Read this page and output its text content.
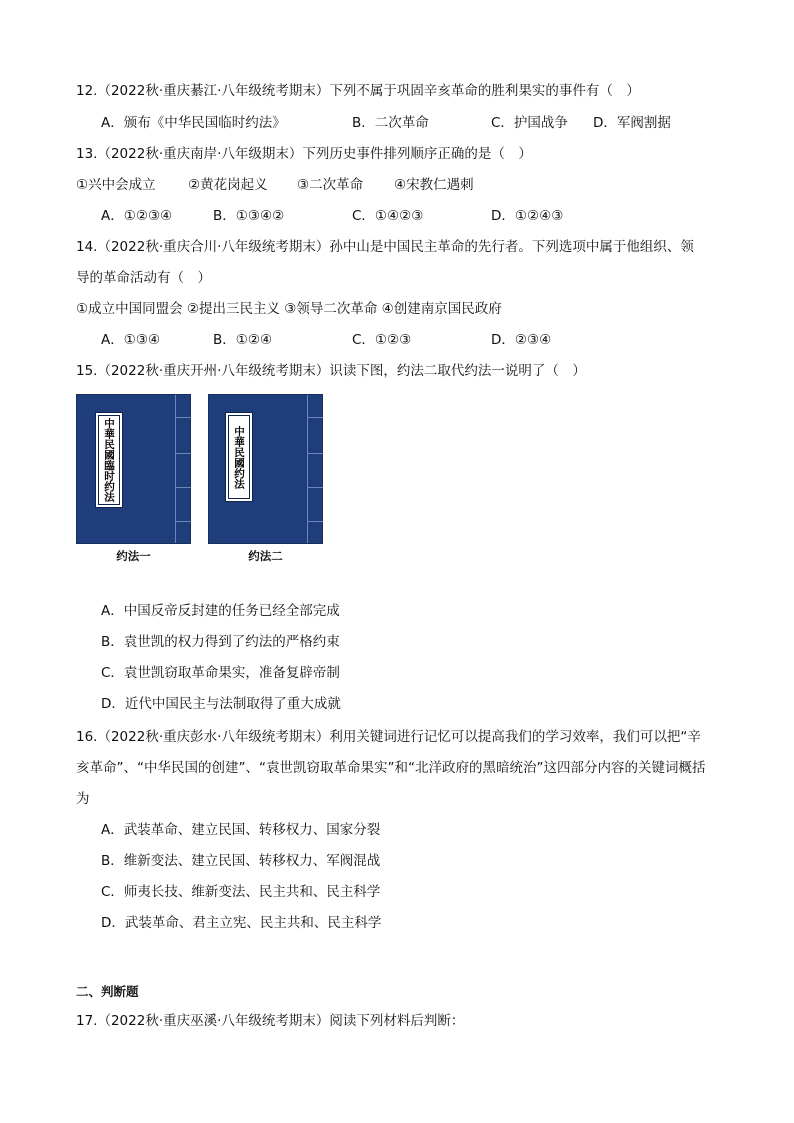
12.（2022秋·重庆綦江·八年级统考期末）下列不属于巩固辛亥革命的胜利果实的事件有（　）
A．颁布《中华民国临时约法》	B．二次革命	C．护国战争 D．军阀割据
13.（2022秋·重庆南岸·八年级期末）下列历史事件排列顺序正确的是（　）
①兴中会成立 ②黄花岗起义 ③二次革命 ④宋教仁遇刺
A．①②③④	B．①③④②	C．①④②③	D．①②④③
14.（2022秋·重庆合川·八年级统考期末）孙中山是中国民主革命的先行者。下列选项中属于他组织、领
导的革命活动有（　）
①成立中国同盟会 ②提出三民主义 ③领导二次革命 ④创建南京国民政府
A．①③④	B．①②④	C．①②③	D．②③④
15.（2022秋·重庆开州·八年级统考期末）识读下图，约法二取代约法一说明了（　）
中華民國臨时约法
约法一
中華民國约法
约法二
A．中国反帝反封建的任务已经全部完成
B．袁世凯的权力得到了约法的严格约束
C．袁世凯窃取革命果实，准备复辟帝制
D．近代中国民主与法制取得了重大成就
16.（2022秋·重庆彭水·八年级统考期末）利用关键词进行记忆可以提高我们的学习效率，我们可以把“辛
亥革命”、“中华民国的创建”、“袁世凯窃取革命果实”和“北洋政府的黑暗统治”这四部分内容的关键词概括
为
A．武装革命、建立民国、转移权力、国家分裂
B．维新变法、建立民国、转移权力、军阀混战
C．师夷长技、维新变法、民主共和、民主科学
D．武装革命、君主立宪、民主共和、民主科学
二、判断题
17.（2022秋·重庆巫溪·八年级统考期末）阅读下列材料后判断：
